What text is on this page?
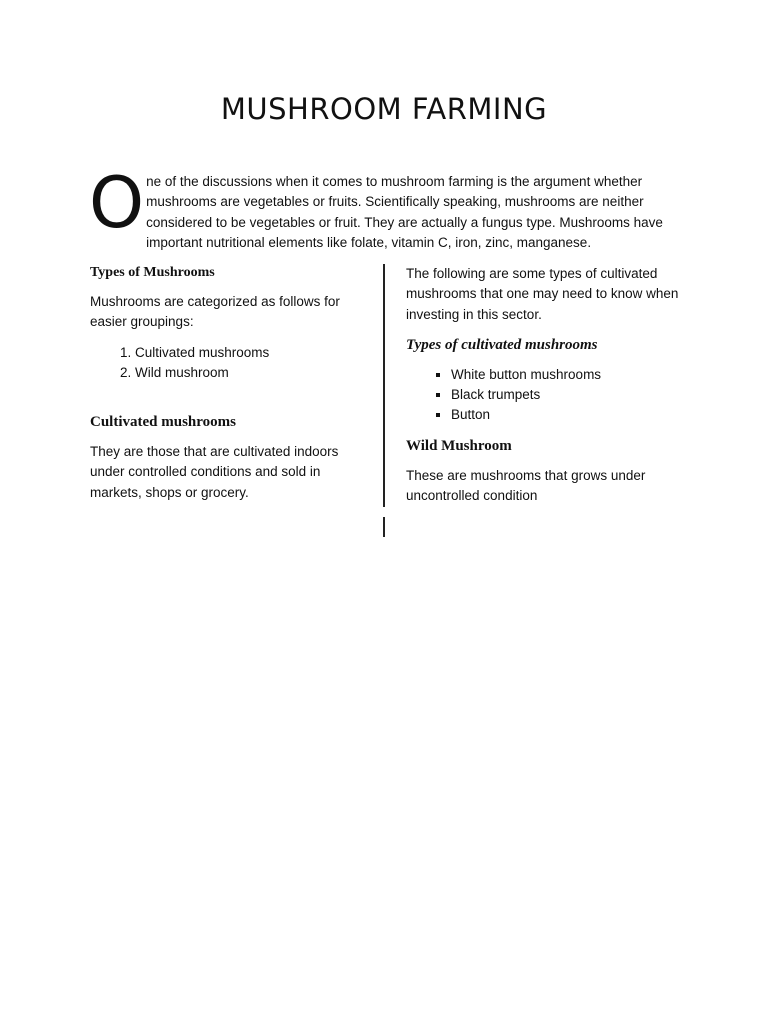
MUSHROOM FARMING

One of the discussions when it comes to mushroom farming is the argument whether mushrooms are vegetables or fruits. Scientifically speaking, mushrooms are neither considered to be vegetables or fruit. They are actually a fungus type. Mushrooms have important nutritional elements like folate, vitamin C, iron, zinc, manganese.

Types of Mushrooms

Mushrooms are categorized as follows for easier groupings:

1. Cultivated mushrooms
2. Wild mushroom
Cultivated mushrooms

They are those that are cultivated indoors under controlled conditions and sold in markets, shops or grocery.

The following are some types of cultivated mushrooms that one may need to know when investing in this sector.

Types of cultivated mushrooms
▪ White button mushrooms
▪ Black trumpets
▪ Button
Wild Mushroom

These are mushrooms that grows under uncontrolled condition
